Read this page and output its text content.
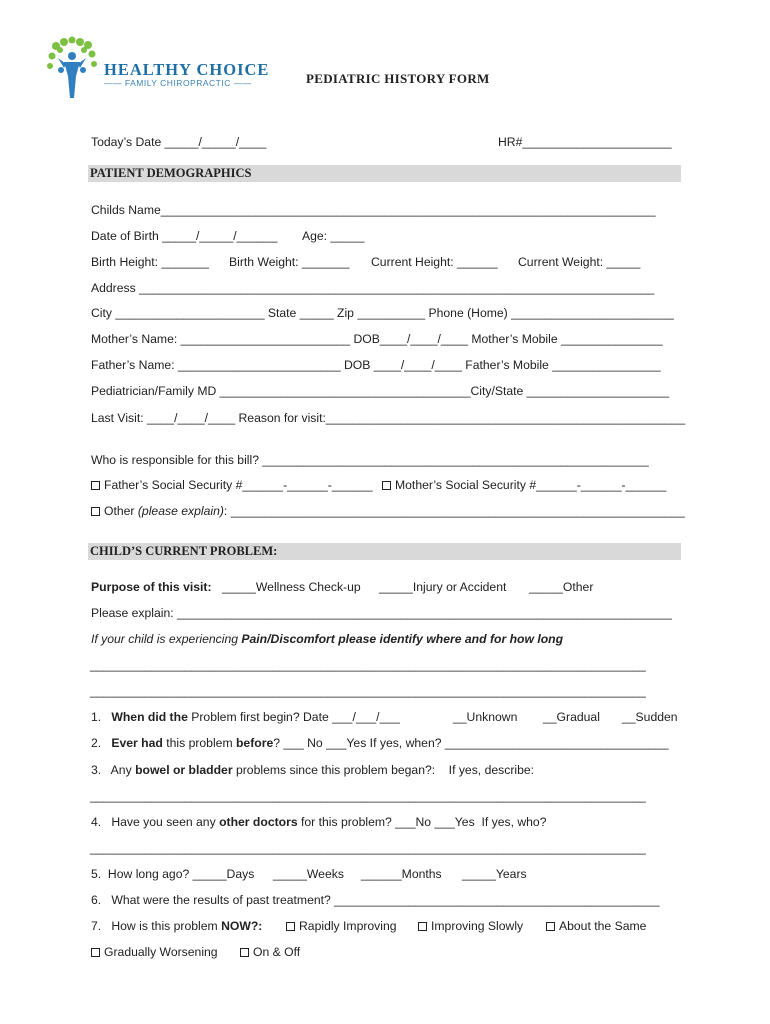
HEALTHY CHOICE
—— FAMILY CHIROPRACTIC ——	PEDIATRIC HISTORY FORM
Today’s Date _____/_____/____	HR#______________________
PATIENT DEMOGRAPHICS
Childs Name_________________________________________________________________________
Date of Birth _____/_____/______ Age: _____
Birth Height: _______ Birth Weight: _______ Current Height: ______ Current Weight: _____
Address ____________________________________________________________________________
City ______________________ State _____ Zip __________ Phone (Home) ________________________
Mother’s Name: _________________________ DOB____/____/____ Mother’s Mobile _______________
Father’s Name: ________________________ DOB ____/____/____ Father’s Mobile ________________
Pediatrician/Family MD _____________________________________City/State _____________________
Last Visit: ____/____/____ Reason for visit:_____________________________________________________
Who is responsible for this bill? _________________________________________________________
Father’s Social Security #______-______-______	Mother’s Social Security #______-______-______
Other (please explain): ___________________________________________________________________
CHILD’S CURRENT PROBLEM:
Purpose of this visit: _____Wellness Check-up _____Injury or Accident _____Other
Please explain: _________________________________________________________________________
If your child is experiencing Pain/Discomfort please identify where and for how long
__________________________________________________________________________________
__________________________________________________________________________________
1. When did the Problem first begin? Date ___/___/___	__Unknown __Gradual __Sudden
2. Ever had this problem before? ___ No ___Yes If yes, when? _________________________________
3. Any bowel or bladder problems since this problem began?:    If yes, describe:
__________________________________________________________________________________
4. Have you seen any other doctors for this problem? ___No ___Yes  If yes, who?
__________________________________________________________________________________
5.  How long ago? _____Days _____Weeks ______Months _____Years
6.   What were the results of past treatment? ________________________________________________
7. How is this problem NOW?:	Rapidly Improving	Improving Slowly	About the Same
Gradually Worsening	On & Off
